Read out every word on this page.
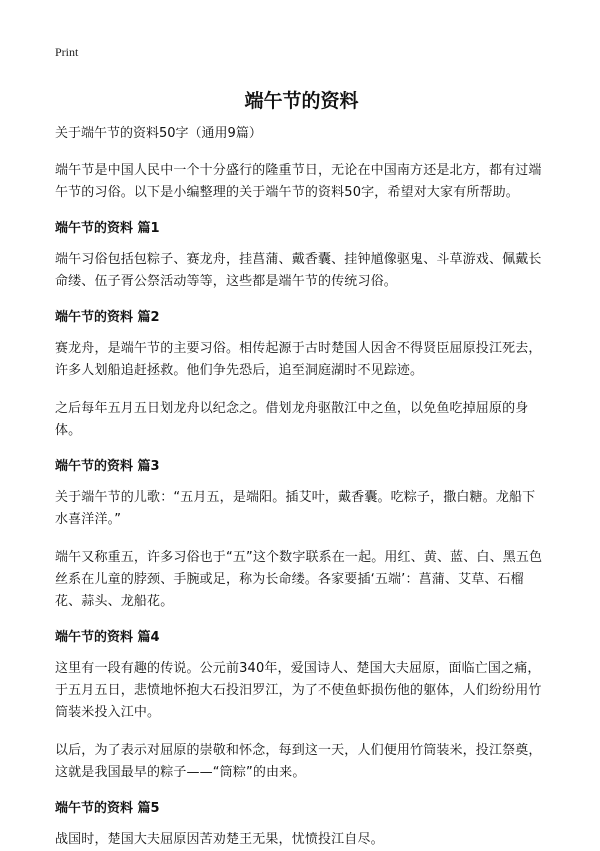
Print
端午节的资料
关于端午节的资料50字（通用9篇）

端午节是中国人民中一个十分盛行的隆重节日，无论在中国南方还是北方，都有过端午节的习俗。以下是小编整理的关于端午节的资料50字，希望对大家有所帮助。

端午节的资料 篇1

端午习俗包括包粽子、赛龙舟，挂菖蒲、戴香囊、挂钟馗像驱鬼、斗草游戏、佩戴长命缕、伍子胥公祭活动等等，这些都是端午节的传统习俗。

端午节的资料 篇2

赛龙舟，是端午节的主要习俗。相传起源于古时楚国人因舍不得贤臣屈原投江死去，许多人划船追赶拯救。他们争先恐后，追至洞庭湖时不见踪迹。

之后每年五月五日划龙舟以纪念之。借划龙舟驱散江中之鱼，以免鱼吃掉屈原的身体。

端午节的资料 篇3

关于端午节的儿歌：“五月五，是端阳。插艾叶，戴香囊。吃粽子，撒白糖。龙船下水喜洋洋。”

端午又称重五，许多习俗也于“五”这个数字联系在一起。用红、黄、蓝、白、黑五色丝系在儿童的脖颈、手腕或足，称为长命缕。各家要插‘五端’：菖蒲、艾草、石榴花、蒜头、龙船花。

端午节的资料 篇4

这里有一段有趣的传说。公元前340年，爱国诗人、楚国大夫屈原，面临亡国之痛，于五月五日，悲愤地怀抱大石投汨罗江，为了不使鱼虾损伤他的躯体，人们纷纷用竹筒装米投入江中。

以后，为了表示对屈原的崇敬和怀念，每到这一天，人们便用竹筒装米，投江祭奠，这就是我国最早的粽子——“筒粽”的由来。

端午节的资料 篇5

战国时，楚国大夫屈原因苦劝楚王无果，忧愤投江自尽。
